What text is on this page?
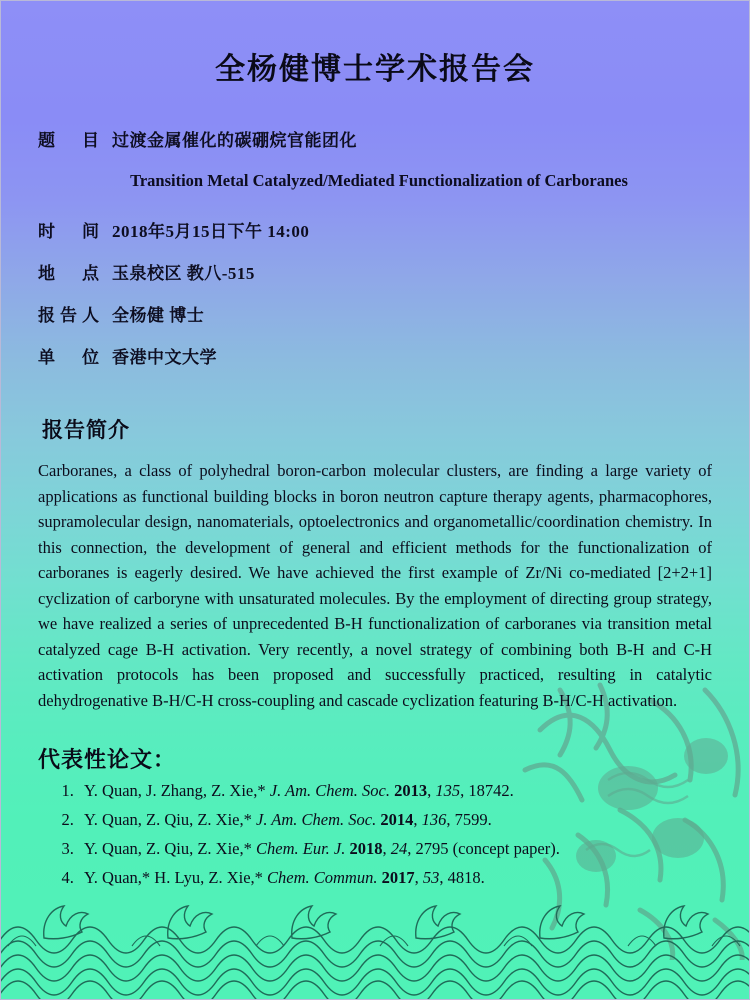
全杨健博士学术报告会
题　目 过渡金属催化的碳硼烷官能团化
Transition Metal Catalyzed/Mediated Functionalization of Carboranes
时　间 2018年5月15日下午 14:00
地　点 玉泉校区 教八-515
报告人 全杨健 博士
单　位 香港中文大学
报告简介
Carboranes, a class of polyhedral boron-carbon molecular clusters, are finding a large variety of applications as functional building blocks in boron neutron capture therapy agents, pharmacophores, supramolecular design, nanomaterials, optoelectronics and organometallic/coordination chemistry. In this connection, the development of general and efficient methods for the functionalization of carboranes is eagerly desired. We have achieved the first example of Zr/Ni co-mediated [2+2+1] cyclization of carboryne with unsaturated molecules. By the employment of directing group strategy, we have realized a series of unprecedented B-H functionalization of carboranes via transition metal catalyzed cage B-H activation. Very recently, a novel strategy of combining both B-H and C-H activation protocols has been proposed and successfully practiced, resulting in catalytic dehydrogenative B-H/C-H cross-coupling and cascade cyclization featuring B-H/C-H activation.
代表性论文：
1. Y. Quan, J. Zhang, Z. Xie,* J. Am. Chem. Soc. 2013, 135, 18742.
2. Y. Quan, Z. Qiu, Z. Xie,* J. Am. Chem. Soc. 2014, 136, 7599.
3. Y. Quan, Z. Qiu, Z. Xie,* Chem. Eur. J. 2018, 24, 2795 (concept paper).
4. Y. Quan,* H. Lyu, Z. Xie,* Chem. Commun. 2017, 53, 4818.
